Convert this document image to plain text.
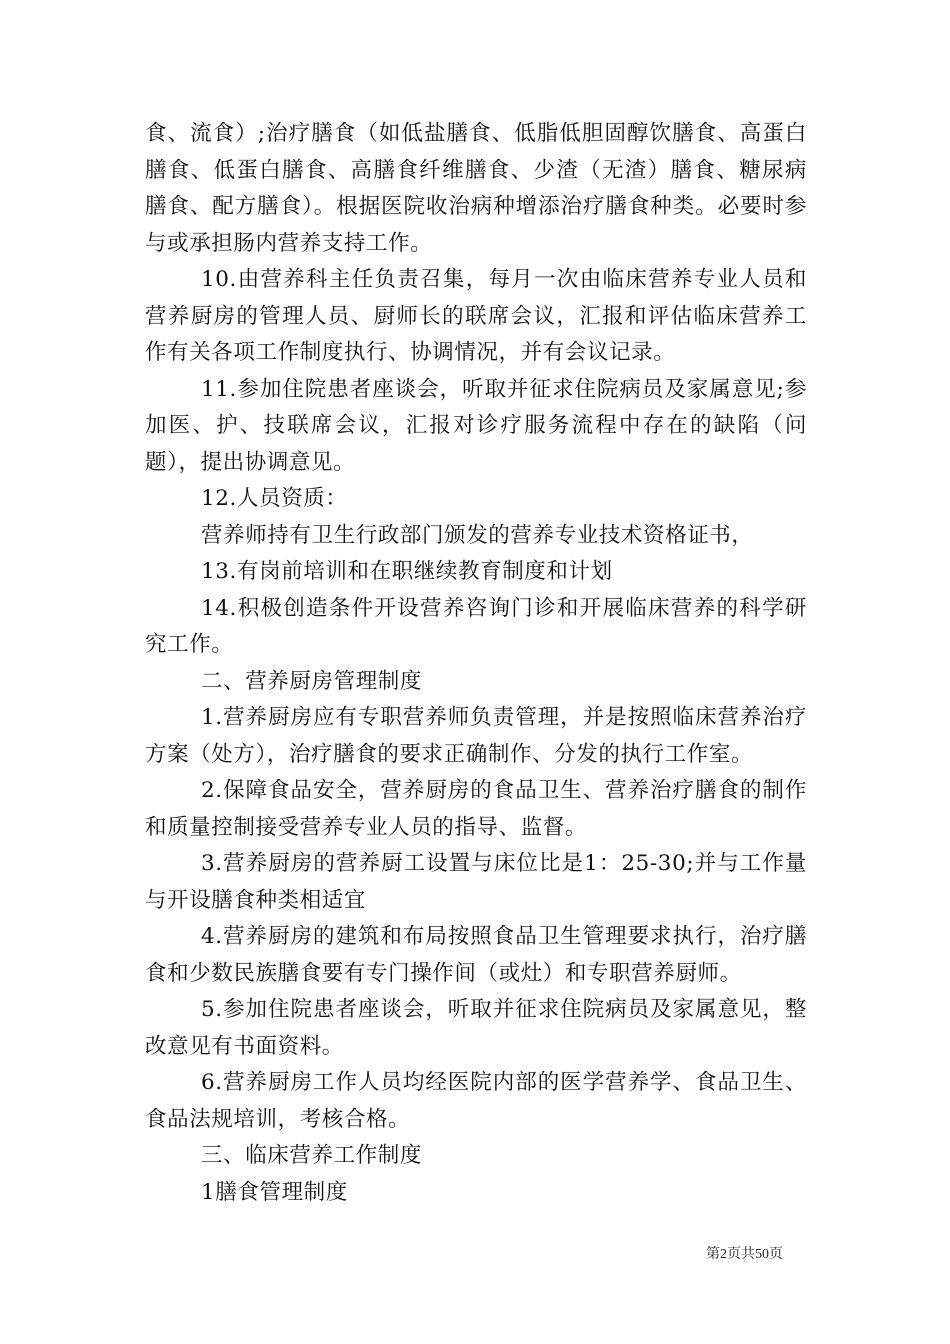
食、流食）;治疗膳食（如低盐膳食、低脂低胆固醇饮膳食、高蛋白膳食、低蛋白膳食、高膳食纤维膳食、少渣（无渣）膳食、糖尿病膳食、配方膳食）。根据医院收治病种增添治疗膳食种类。必要时参与或承担肠内营养支持工作。

10.由营养科主任负责召集，每月一次由临床营养专业人员和营养厨房的管理人员、厨师长的联席会议，汇报和评估临床营养工作有关各项工作制度执行、协调情况，并有会议记录。

11.参加住院患者座谈会，听取并征求住院病员及家属意见;参加医、护、技联席会议，汇报对诊疗服务流程中存在的缺陷（问题），提出协调意见。

12.人员资质：

营养师持有卫生行政部门颁发的营养专业技术资格证书，

13.有岗前培训和在职继续教育制度和计划

14.积极创造条件开设营养咨询门诊和开展临床营养的科学研究工作。

二、营养厨房管理制度

1.营养厨房应有专职营养师负责管理，并是按照临床营养治疗方案（处方），治疗膳食的要求正确制作、分发的执行工作室。

2.保障食品安全，营养厨房的食品卫生、营养治疗膳食的制作和质量控制接受营养专业人员的指导、监督。

3.营养厨房的营养厨工设置与床位比是1：25-30;并与工作量与开设膳食种类相适宜

4.营养厨房的建筑和布局按照食品卫生管理要求执行，治疗膳食和少数民族膳食要有专门操作间（或灶）和专职营养厨师。

5.参加住院患者座谈会，听取并征求住院病员及家属意见，整改意见有书面资料。

6.营养厨房工作人员均经医院内部的医学营养学、食品卫生、食品法规培训，考核合格。

三、临床营养工作制度

1膳食管理制度

第2页共50页
